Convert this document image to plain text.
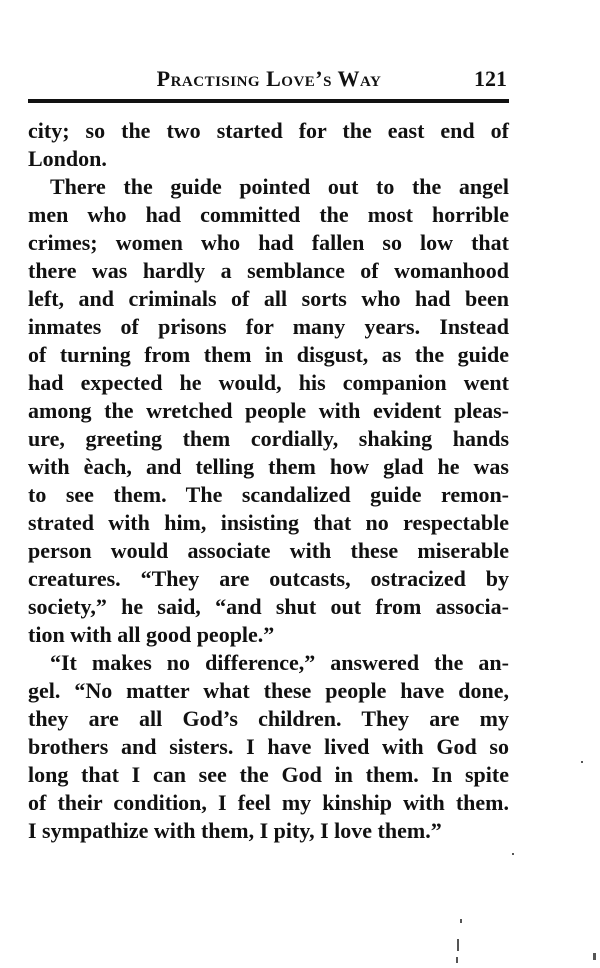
Practising Love’s Way	121
city; so the two started for the east end of
London.
There the guide pointed out to the angel
men who had committed the most horrible
crimes; women who had fallen so low that
there was hardly a semblance of womanhood
left, and criminals of all sorts who had been
inmates of prisons for many years. Instead
of turning from them in disgust, as the guide
had expected he would, his companion went
among the wretched people with evident pleas-
ure, greeting them cordially, shaking hands
with èach, and telling them how glad he was
to see them. The scandalized guide remon-
strated with him, insisting that no respectable
person would associate with these miserable
creatures. “They are outcasts, ostracized by
society,” he said, “and shut out from associa-
tion with all good people.”
“It makes no difference,” answered the an-
gel. “No matter what these people have done,
they are all God’s children. They are my
brothers and sisters. I have lived with God so
long that I can see the God in them. In spite
of their condition, I feel my kinship with them.
I sympathize with them, I pity, I love them.”
